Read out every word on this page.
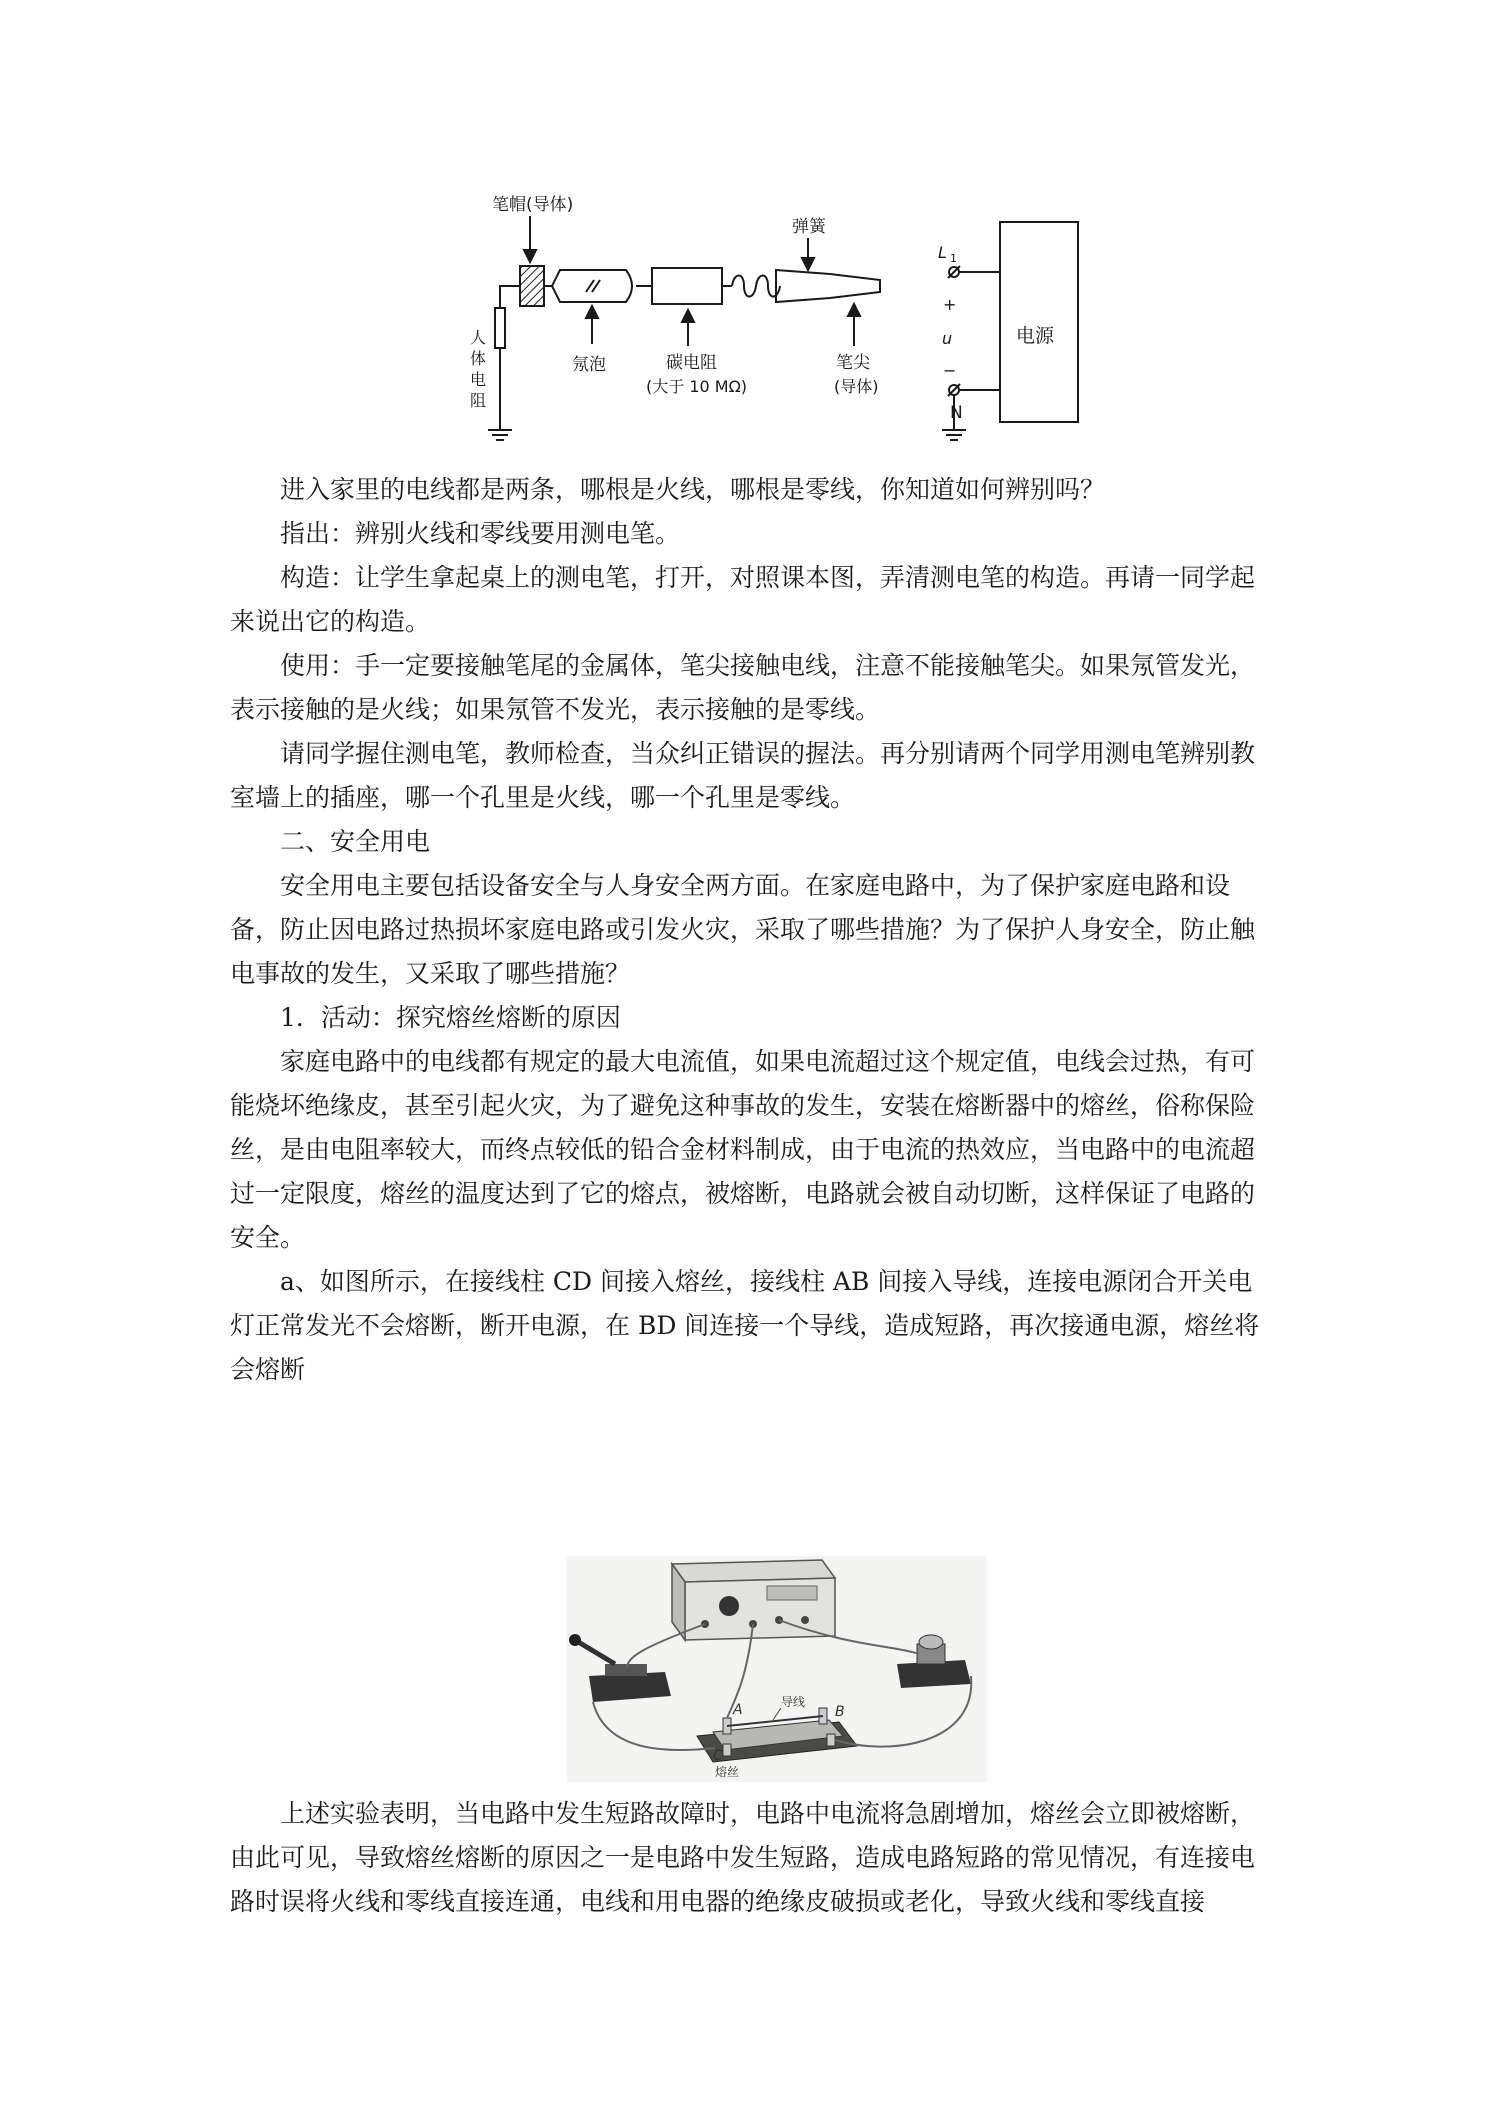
笔帽(导体)
弹簧
L 1
+
u
−
N
电源
人
体
电
阻
氖泡	碳电阻
(大于 10 MΩ)
笔尖
(导体)

进入家里的电线都是两条，哪根是火线，哪根是零线，你知道如何辨别吗？

指出：辨别火线和零线要用测电笔。

构造：让学生拿起桌上的测电笔，打开，对照课本图，弄清测电笔的构造。再请一同学起来说出它的构造。

使用：手一定要接触笔尾的金属体，笔尖接触电线，注意不能接触笔尖。如果氖管发光，表示接触的是火线；如果氖管不发光，表示接触的是零线。

请同学握住测电笔，教师检查，当众纠正错误的握法。再分别请两个同学用测电笔辨别教室墙上的插座，哪一个孔里是火线，哪一个孔里是零线。

二、安全用电

安全用电主要包括设备安全与人身安全两方面。在家庭电路中，为了保护家庭电路和设备，防止因电路过热损坏家庭电路或引发火灾，采取了哪些措施？为了保护人身安全，防止触电事故的发生，又采取了哪些措施？

1．活动：探究熔丝熔断的原因

家庭电路中的电线都有规定的最大电流值，如果电流超过这个规定值，电线会过热，有可能烧坏绝缘皮，甚至引起火灾，为了避免这种事故的发生，安装在熔断器中的熔丝，俗称保险丝，是由电阻率较大，而终点较低的铅合金材料制成，由于电流的热效应，当电路中的电流超过一定限度，熔丝的温度达到了它的熔点，被熔断，电路就会被自动切断，这样保证了电路的安全。

a、如图所示，在接线柱 CD 间接入熔丝，接线柱 AB 间接入导线，连接电源闭合开关电灯正常发光不会熔断，断开电源，在 BD 间连接一个导线，造成短路，再次接通电源，熔丝将会熔断

A	B
C
导线
熔丝

上述实验表明，当电路中发生短路故障时，电路中电流将急剧增加，熔丝会立即被熔断，由此可见，导致熔丝熔断的原因之一是电路中发生短路，造成电路短路的常见情况，有连接电路时误将火线和零线直接连通，电线和用电器的绝缘皮破损或老化，导致火线和零线直接
